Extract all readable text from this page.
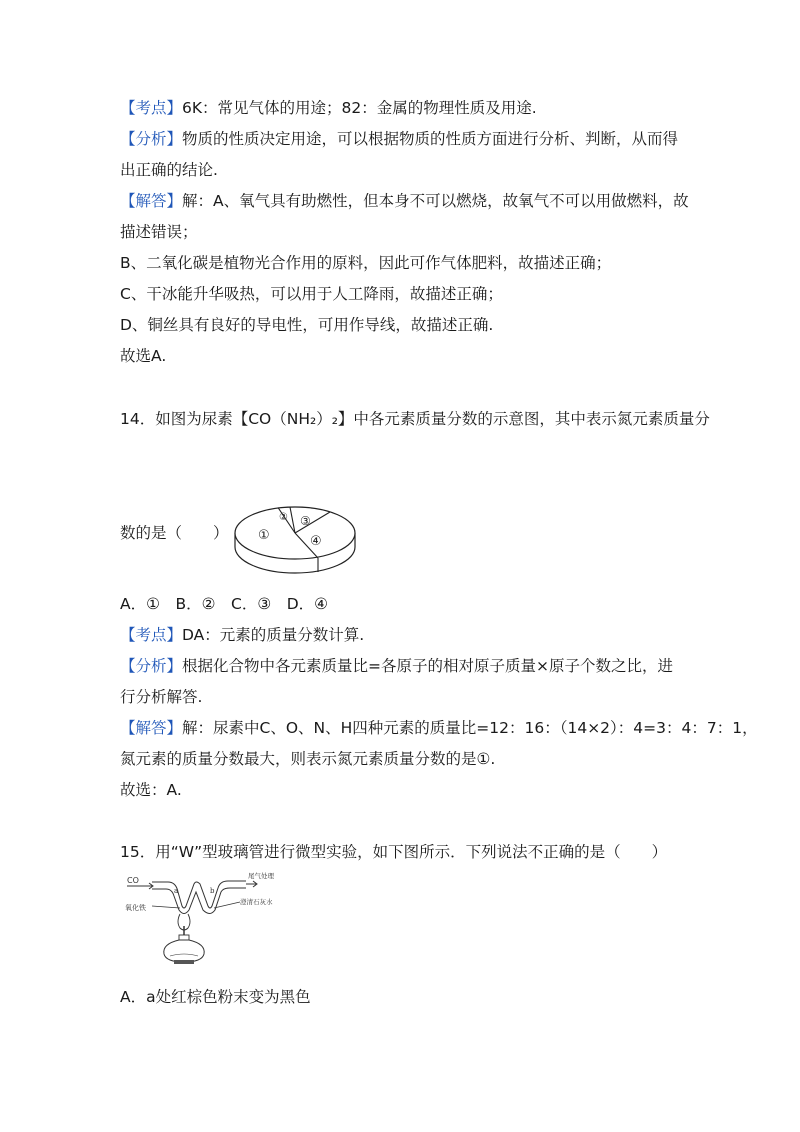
【考点】6K：常见气体的用途；82：金属的物理性质及用途.
【分析】物质的性质决定用途，可以根据物质的性质方面进行分析、判断，从而得
出正确的结论.
【解答】解：A、氧气具有助燃性，但本身不可以燃烧，故氧气不可以用做燃料，故
描述错误；
B、二氧化碳是植物光合作用的原料，因此可作气体肥料，故描述正确；
C、干冰能升华吸热，可以用于人工降雨，故描述正确；
D、铜丝具有良好的导电性，可用作导线，故描述正确.
故选A.
14．如图为尿素【CO（NH₂）₂】中各元素质量分数的示意图，其中表示氮元素质量分
数的是（　　） ①
② ③
④
A．①　B．②　C．③　D．④
【考点】DA：元素的质量分数计算.
【分析】根据化合物中各元素质量比=各原子的相对原子质量×原子个数之比，进
行分析解答.
【解答】解：尿素中C、O、N、H四种元素的质量比=12：16：（14×2）：4=3：4：7：1，
氮元素的质量分数最大，则表示氮元素质量分数的是①.
故选：A.
15．用“W”型玻璃管进行微型实验，如下图所示．下列说法不正确的是（　　）
CO
a	b
氧化铁
尾气处理
澄清石灰水
A．a处红棕色粉末变为黑色
